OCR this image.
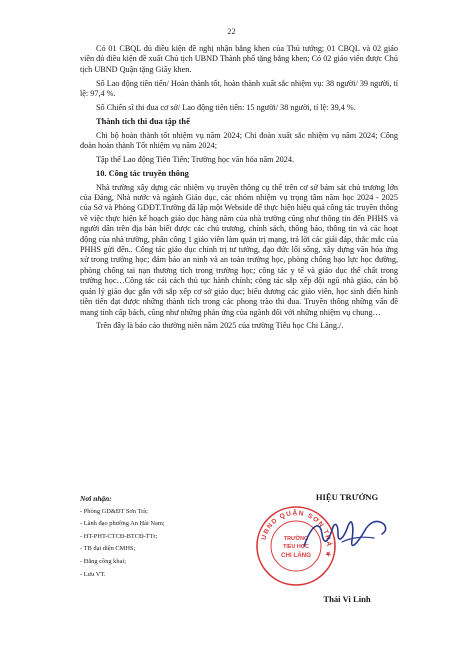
22

Có 01 CBQL đủ điều kiện đề nghị nhận bằng khen của Thủ tướng; 01 CBQL và 02 giáo viên đủ điều kiện đề xuất Chủ tịch UBND Thành phố tặng bằng khen; Có 02 giáo viên được Chủ tịch UBND Quận tặng Giấy khen.

Số Lao động tiên tiến/ Hoàn thành tốt, hoàn thành xuất sắc nhiệm vụ: 38 người/ 39 người, tỉ lệ: 97,4 %.

Số Chiến sĩ thi đua cơ sở/ Lao động tiên tiến: 15 người/ 38 người, tỉ lệ: 39,4 %.

Thành tích thi đua tập thể

Chi bộ hoàn thành tốt nhiệm vụ năm 2024; Chi đoàn xuất sắc nhiệm vụ năm 2024; Công đoàn hoàn thành Tốt nhiệm vụ năm 2024;

Tập thể Lao động Tiên Tiến; Trường học văn hóa năm 2024.

10. Công tác truyền thông

Nhà trường xây dựng các nhiệm vụ truyền thông cụ thể trên cơ sở bám sát chủ trương lớn của Đảng, Nhà nước và ngành Giáo dục, các nhóm nhiệm vụ trọng tâm năm học 2024 - 2025 của Sở và Phòng GDĐT.Trường đã lập một Webside để thực hiện hiệu quả công tác truyền thông về việc thực hiện kế hoạch giáo dục hàng năm của nhà trường cũng như thông tin đến PHHS và người dân trên địa bàn biết được các chủ trương, chính sách, thông báo, thông tin và các hoạt động của nhà trường, phân công 1 giáo viên làm quản trị mạng, trả lời các giải đáp, thắc mắc của PHHS gửi đến.. Công tác giáo dục chính trị tư tưởng, đạo đức lối sống, xây dựng văn hóa ứng xử trong trường học; đảm bảo an ninh và an toàn trường học, phòng chống bạo lực học đường, phòng chống tai nạn thương tích trong trường học; công tác y tế và giáo dục thể chất trong trường học…Công tác cải cách thủ tục hành chính; công tác sắp xếp đội ngũ nhà giáo, cán bộ quản lý giáo dục gắn với sắp xếp cơ sở giáo dục; biểu dương các giáo viên, học sinh điển hình tiên tiến đạt được những thành tích trong các phong trào thi đua. Truyền thông những vấn đề mang tính cấp bách, cũng như những phản ứng của ngành đối với những nhiệm vụ chung…

Trên đây là báo cáo thường niên năm 2025 của trường Tiểu học Chi Lăng./.

Nơi nhận:
- Phòng GD&ĐT Sơn Trà;
- Lãnh đạo phường An Hải Nam;
- HT-PHT-CTCĐ-BTCĐ-TTr;
- TB đại diện CMHS;
- Đăng công khai;
- Lưu VT.
HIỆU TRƯỞNG
UBND QUẬN SƠN TRÀ ★
TRƯỜNG
TIỂU HỌC
CHI LĂNG
Thái Vi Linh
